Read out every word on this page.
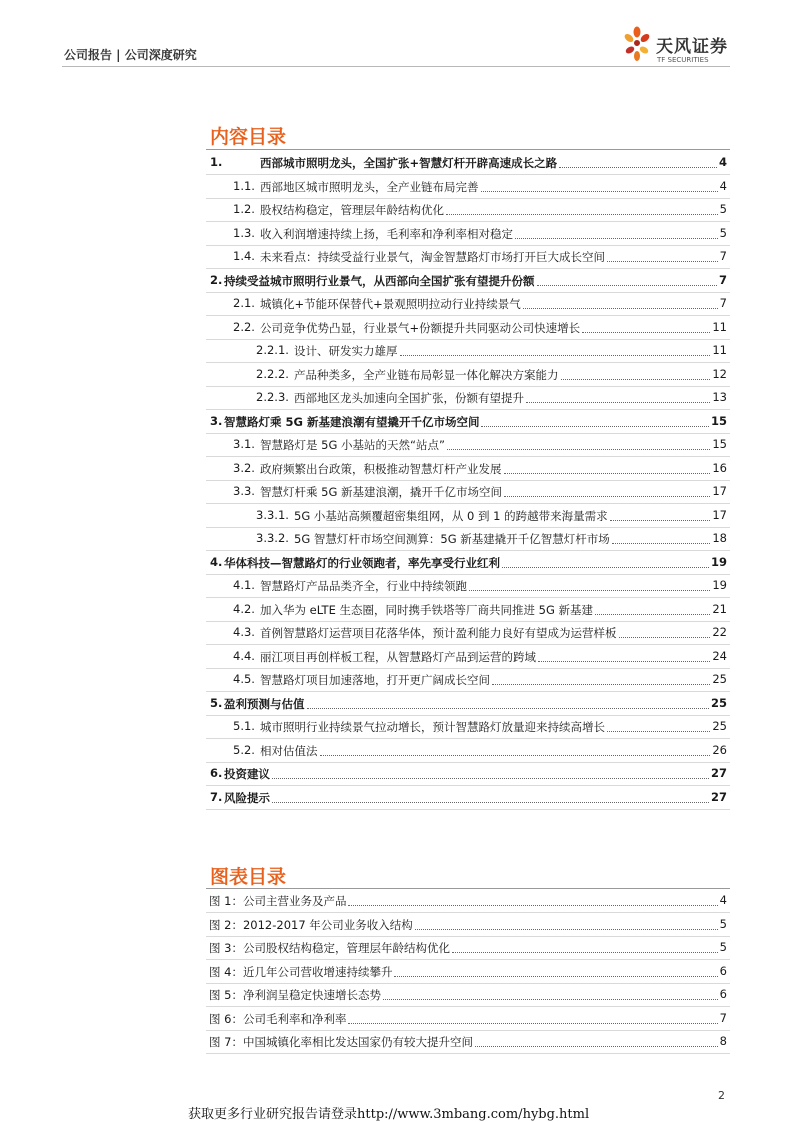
公司报告 | 公司深度研究	天风证券
TF SECURITIES
内容目录
1.	西部城市照明龙头，全国扩张+智慧灯杆开辟高速成长之路	4
1.1. 西部地区城市照明龙头，全产业链布局完善	4
1.2. 股权结构稳定，管理层年龄结构优化	5
1.3. 收入利润增速持续上扬，毛利率和净利率相对稳定	5
1.4. 未来看点：持续受益行业景气，淘金智慧路灯市场打开巨大成长空间	7
2. 持续受益城市照明行业景气，从西部向全国扩张有望提升份额	7
2.1. 城镇化+节能环保替代+景观照明拉动行业持续景气	7
2.2. 公司竞争优势凸显，行业景气+份额提升共同驱动公司快速增长	11
2.2.1. 设计、研发实力雄厚	11
2.2.2. 产品种类多，全产业链布局彰显一体化解决方案能力	12
2.2.3. 西部地区龙头加速向全国扩张，份额有望提升	13
3. 智慧路灯乘 5G 新基建浪潮有望撬开千亿市场空间	15
3.1. 智慧路灯是 5G 小基站的天然“站点”	15
3.2. 政府频繁出台政策，积极推动智慧灯杆产业发展	16
3.3. 智慧灯杆乘 5G 新基建浪潮，撬开千亿市场空间	17
3.3.1. 5G 小基站高频覆超密集组网，从 0 到 1 的跨越带来海量需求	17
3.3.2. 5G 智慧灯杆市场空间测算：5G 新基建撬开千亿智慧灯杆市场	18
4. 华体科技—智慧路灯的行业领跑者，率先享受行业红利	19
4.1. 智慧路灯产品品类齐全，行业中持续领跑	19
4.2. 加入华为 eLTE 生态圈，同时携手铁塔等厂商共同推进 5G 新基建	21
4.3. 首例智慧路灯运营项目花落华体，预计盈利能力良好有望成为运营样板	22
4.4. 丽江项目再创样板工程，从智慧路灯产品到运营的跨域	24
4.5. 智慧路灯项目加速落地，打开更广阔成长空间	25
5. 盈利预测与估值	25
5.1. 城市照明行业持续景气拉动增长，预计智慧路灯放量迎来持续高增长	25
5.2. 相对估值法	26
6. 投资建议	27
7. 风险提示	27
图表目录
图 1：公司主营业务及产品	4
图 2：2012-2017 年公司业务收入结构	5
图 3：公司股权结构稳定，管理层年龄结构优化	5
图 4：近几年公司营收增速持续攀升	6
图 5：净利润呈稳定快速增长态势	6
图 6：公司毛利率和净利率	7
图 7：中国城镇化率相比发达国家仍有较大提升空间	8
2
获取更多行业研究报告请登录http://www.3mbang.com/hybg.html
